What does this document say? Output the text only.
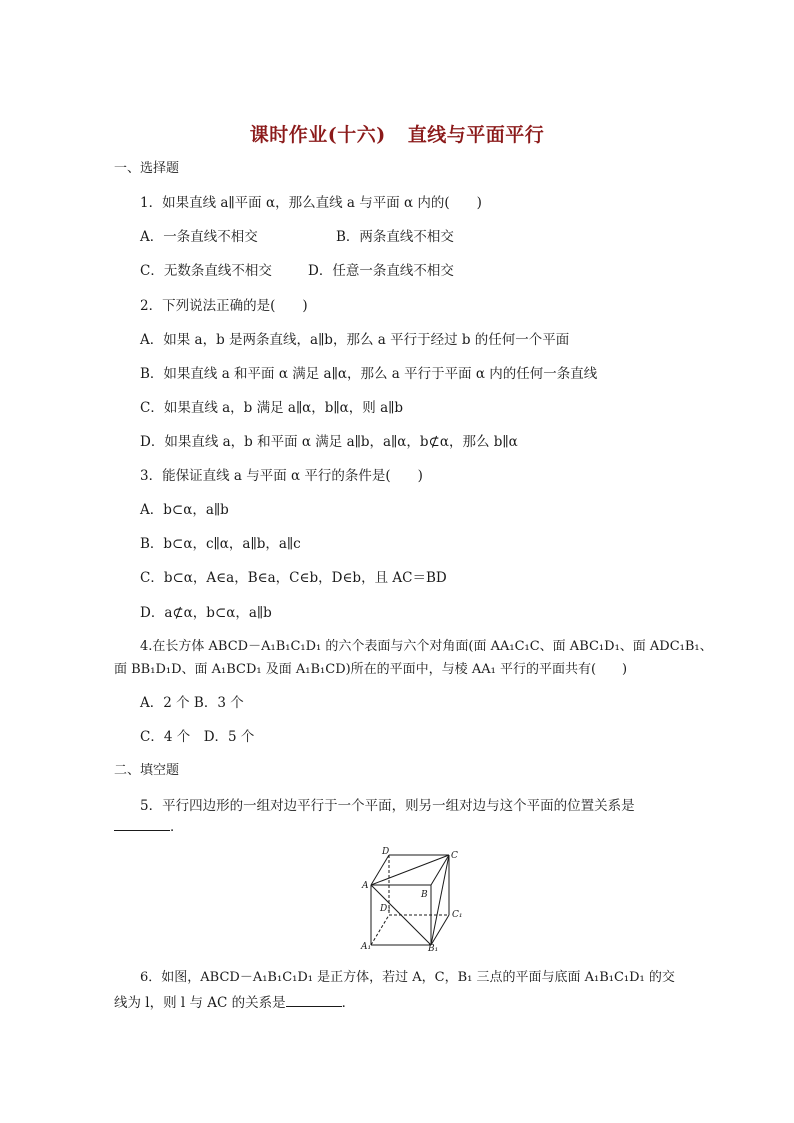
课时作业(十六) 直线与平面平行
一、选择题
1．如果直线 a∥平面 α，那么直线 a 与平面 α 内的(　　)
A．一条直线不相交	B．两条直线不相交
C．无数条直线不相交	D．任意一条直线不相交
2．下列说法正确的是(　　)
A．如果 a，b 是两条直线，a∥b，那么 a 平行于经过 b 的任何一个平面
B．如果直线 a 和平面 α 满足 a∥α，那么 a 平行于平面 α 内的任何一条直线
C．如果直线 a，b 满足 a∥α，b∥α，则 a∥b
D．如果直线 a，b 和平面 α 满足 a∥b，a∥α，b⊄α，那么 b∥α
3．能保证直线 a 与平面 α 平行的条件是(　　)
A．b⊂α，a∥b
B．b⊂α，c∥α，a∥b，a∥c
C．b⊂α，A∈a，B∈a，C∈b，D∈b，且 AC＝BD
D．a⊄α，b⊂α，a∥b
4.在长方体 ABCD－A₁B₁C₁D₁ 的六个表面与六个对角面(面 AA₁C₁C、面 ABC₁D₁、面 ADC₁B₁、
面 BB₁D₁D、面 A₁BCD₁ 及面 A₁B₁CD)所在的平面中，与棱 AA₁ 平行的平面共有(　　)
A．2 个 B．3 个
C．4 个　D．5 个
二、填空题
5．平行四边形的一组对边平行于一个平面，则另一组对边与这个平面的位置关系是
．
D	C
A
B
D₁
C₁
A₁	B₁
6．如图，ABCD－A₁B₁C₁D₁ 是正方体，若过 A，C，B₁ 三点的平面与底面 A₁B₁C₁D₁ 的交
线为 l，则 l 与 AC 的关系是	．
